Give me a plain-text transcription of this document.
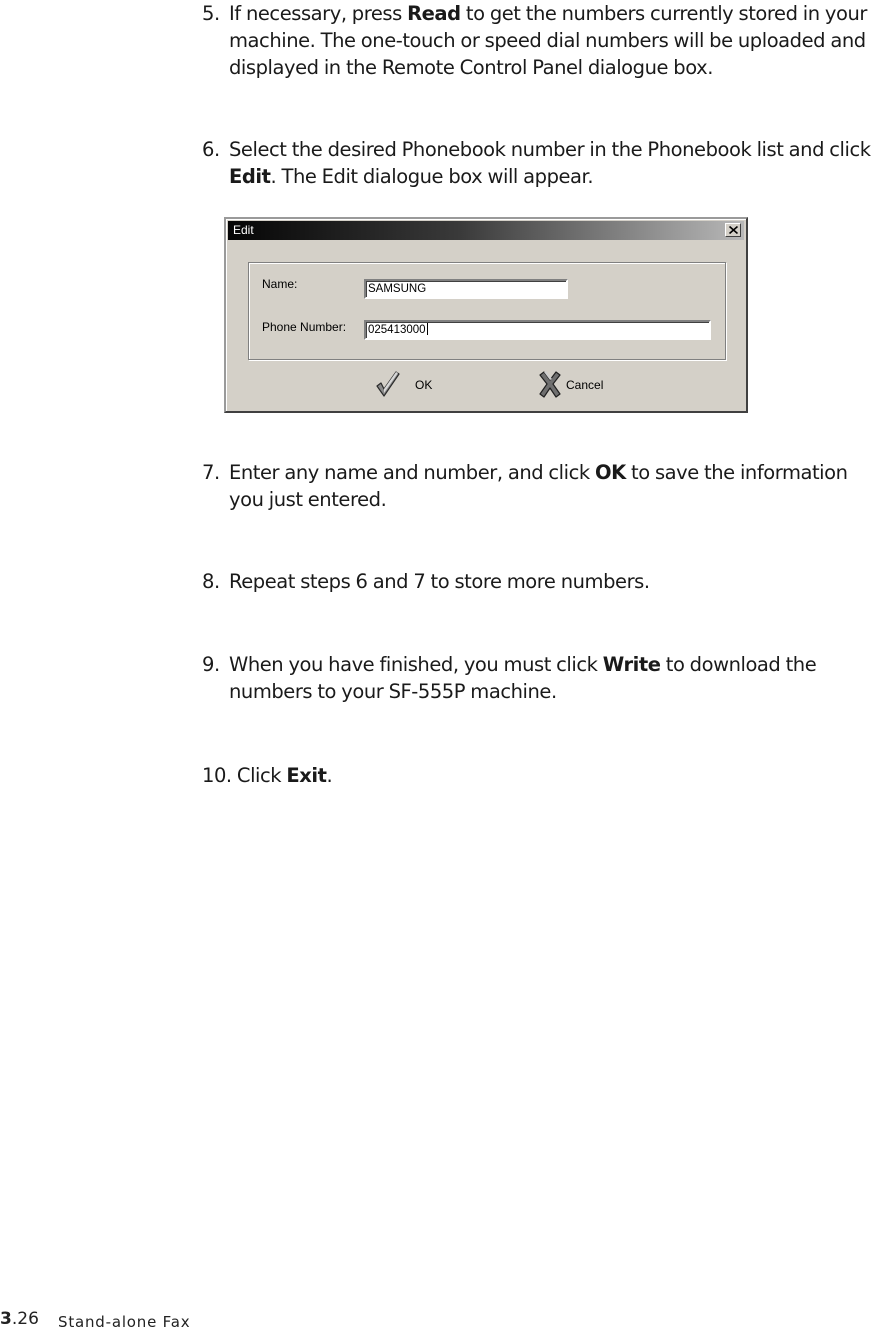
5. If necessary, press Read to get the numbers currently stored in your machine. The one-touch or speed dial numbers will be uploaded and displayed in the Remote Control Panel dialogue box.

6. Select the desired Phonebook number in the Phonebook list and click Edit. The Edit dialogue box will appear.

Edit
Name:	SAMSUNG
Phone Number:	025413000
OK	Cancel

7. Enter any name and number, and click OK to save the information you just entered.

8. Repeat steps 6 and 7 to store more numbers.

9. When you have finished, you must click Write to download the numbers to your SF-555P machine.

10. Click Exit.

3.26 Stand-alone Fax
